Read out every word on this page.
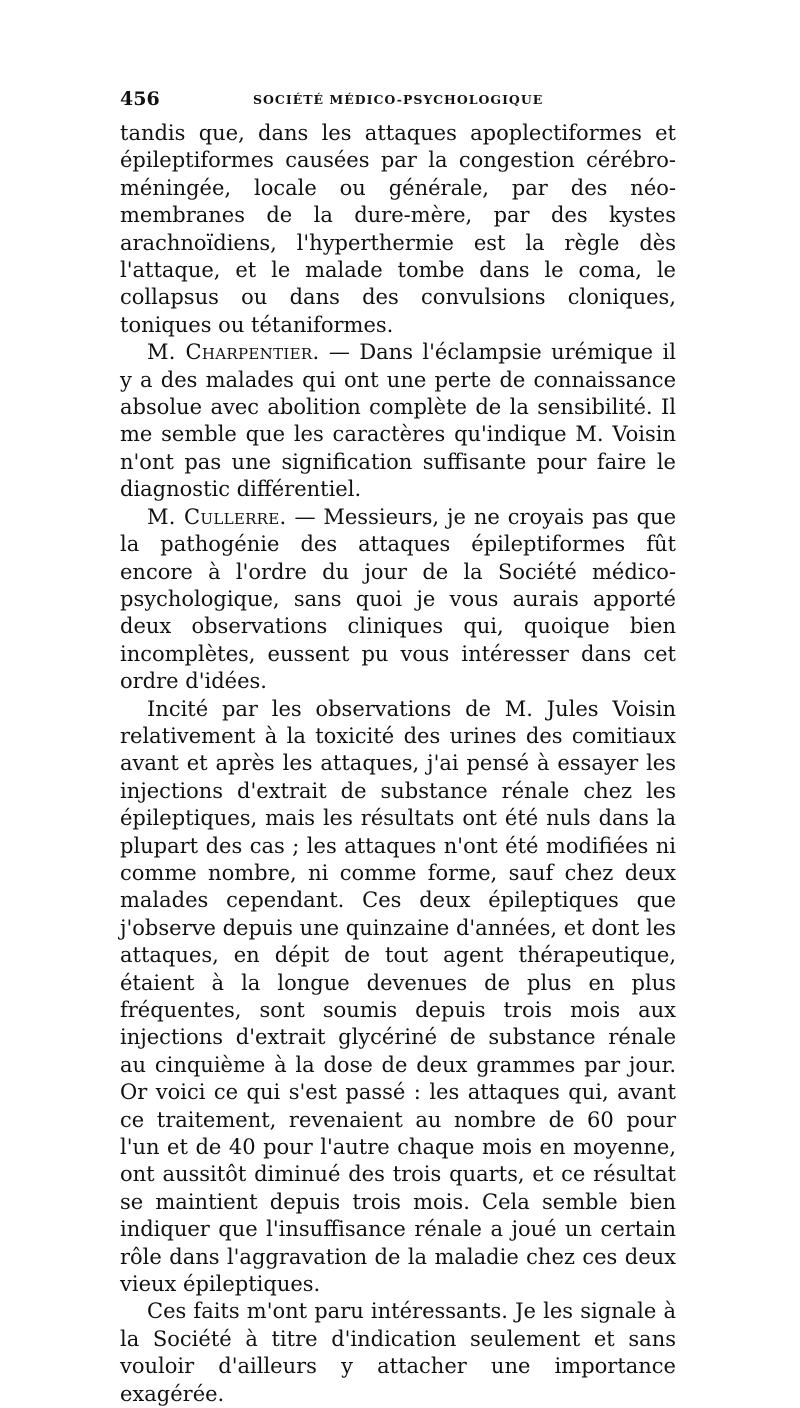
456	SOCIÉTÉ MÉDICO-PSYCHOLOGIQUE

tandis que, dans les attaques apoplectiformes et épileptiformes causées par la congestion cérébro-méningée, locale ou générale, par des néo-membranes de la dure-mère, par des kystes arachnoïdiens, l'hyperthermie est la règle dès l'attaque, et le malade tombe dans le coma, le collapsus ou dans des convulsions cloniques, toniques ou tétaniformes.

M. Charpentier. — Dans l'éclampsie urémique il y a des malades qui ont une perte de connaissance absolue avec abolition complète de la sensibilité. Il me semble que les caractères qu'indique M. Voisin n'ont pas une signification suffisante pour faire le diagnostic différentiel.

M. Cullerre. — Messieurs, je ne croyais pas que la pathogénie des attaques épileptiformes fût encore à l'ordre du jour de la Société médico-psychologique, sans quoi je vous aurais apporté deux observations cliniques qui, quoique bien incomplètes, eussent pu vous intéresser dans cet ordre d'idées.

Incité par les observations de M. Jules Voisin relativement à la toxicité des urines des comitiaux avant et après les attaques, j'ai pensé à essayer les injections d'extrait de substance rénale chez les épileptiques, mais les résultats ont été nuls dans la plupart des cas ; les attaques n'ont été modifiées ni comme nombre, ni comme forme, sauf chez deux malades cependant. Ces deux épileptiques que j'observe depuis une quinzaine d'années, et dont les attaques, en dépit de tout agent thérapeutique, étaient à la longue devenues de plus en plus fréquentes, sont soumis depuis trois mois aux injections d'extrait glycériné de substance rénale au cinquième à la dose de deux grammes par jour. Or voici ce qui s'est passé : les attaques qui, avant ce traitement, revenaient au nombre de 60 pour l'un et de 40 pour l'autre chaque mois en moyenne, ont aussitôt diminué des trois quarts, et ce résultat se maintient depuis trois mois. Cela semble bien indiquer que l'insuffisance rénale a joué un certain rôle dans l'aggravation de la maladie chez ces deux vieux épileptiques.

Ces faits m'ont paru intéressants. Je les signale à la Société à titre d'indication seulement et sans vouloir d'ailleurs y attacher une importance exagérée.
